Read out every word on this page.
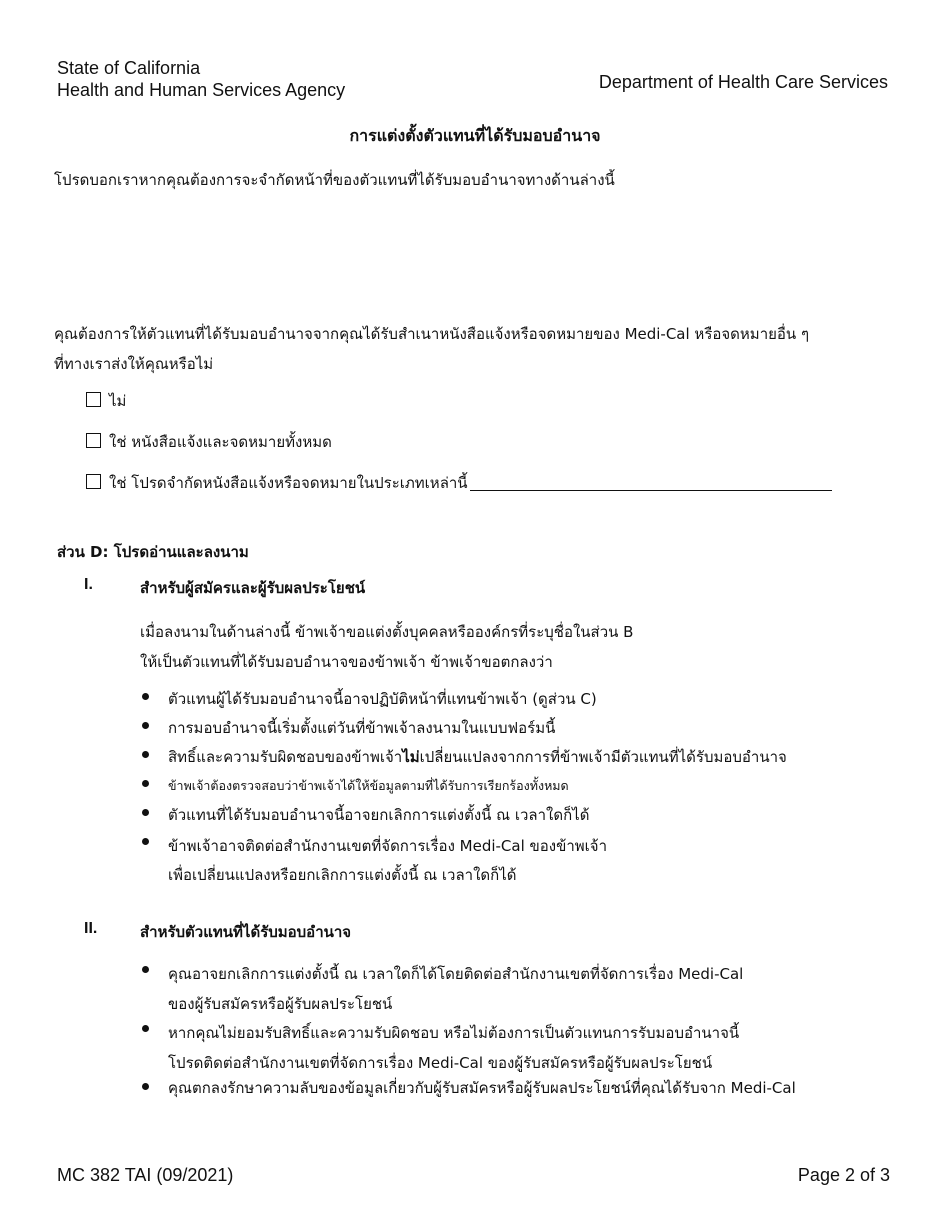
State of California
Health and Human Services Agency	Department of Health Care Services
การแต่งตั้งตัวแทนที่ได้รับมอบอำนาจ
โปรดบอกเราหากคุณต้องการจะจำกัดหน้าที่ของตัวแทนที่ได้รับมอบอำนาจทางด้านล่างนี้
คุณต้องการให้ตัวแทนที่ได้รับมอบอำนาจจากคุณได้รับสำเนาหนังสือแจ้งหรือจดหมายของ Medi-Cal หรือจดหมายอื่น ๆ
ที่ทางเราส่งให้คุณหรือไม่
ไม่
ใช่ หนังสือแจ้งและจดหมายทั้งหมด
ใช่ โปรดจำกัดหนังสือแจ้งหรือจดหมายในประเภทเหล่านี้
ส่วน D: โปรดอ่านและลงนาม
I.	สำหรับผู้สมัครและผู้รับผลประโยชน์
เมื่อลงนามในด้านล่างนี้ ข้าพเจ้าขอแต่งตั้งบุคคลหรือองค์กรที่ระบุชื่อในส่วน B
ให้เป็นตัวแทนที่ได้รับมอบอำนาจของข้าพเจ้า ข้าพเจ้าขอตกลงว่า
ตัวแทนผู้ได้รับมอบอำนาจนี้อาจปฏิบัติหน้าที่แทนข้าพเจ้า (ดูส่วน C)
การมอบอำนาจนี้เริ่มตั้งแต่วันที่ข้าพเจ้าลงนามในแบบฟอร์มนี้
สิทธิ์และความรับผิดชอบของข้าพเจ้าไม่เปลี่ยนแปลงจากการที่ข้าพเจ้ามีตัวแทนที่ได้รับมอบอำนาจ
ข้าพเจ้าต้องตรวจสอบว่าข้าพเจ้าได้ให้ข้อมูลตามที่ได้รับการเรียกร้องทั้งหมด
ตัวแทนที่ได้รับมอบอำนาจนี้อาจยกเลิกการแต่งตั้งนี้ ณ เวลาใดก็ได้
ข้าพเจ้าอาจติดต่อสำนักงานเขตที่จัดการเรื่อง Medi-Cal ของข้าพเจ้า
เพื่อเปลี่ยนแปลงหรือยกเลิกการแต่งตั้งนี้ ณ เวลาใดก็ได้
II.	สำหรับตัวแทนที่ได้รับมอบอำนาจ
คุณอาจยกเลิกการแต่งตั้งนี้ ณ เวลาใดก็ได้โดยติดต่อสำนักงานเขตที่จัดการเรื่อง Medi-Cal
ของผู้รับสมัครหรือผู้รับผลประโยชน์
หากคุณไม่ยอมรับสิทธิ์และความรับผิดชอบ หรือไม่ต้องการเป็นตัวแทนการรับมอบอำนาจนี้
โปรดติดต่อสำนักงานเขตที่จัดการเรื่อง Medi-Cal ของผู้รับสมัครหรือผู้รับผลประโยชน์
คุณตกลงรักษาความลับของข้อมูลเกี่ยวกับผู้รับสมัครหรือผู้รับผลประโยชน์ที่คุณได้รับจาก Medi-Cal
MC 382 TAI (09/2021)	Page 2 of 3
